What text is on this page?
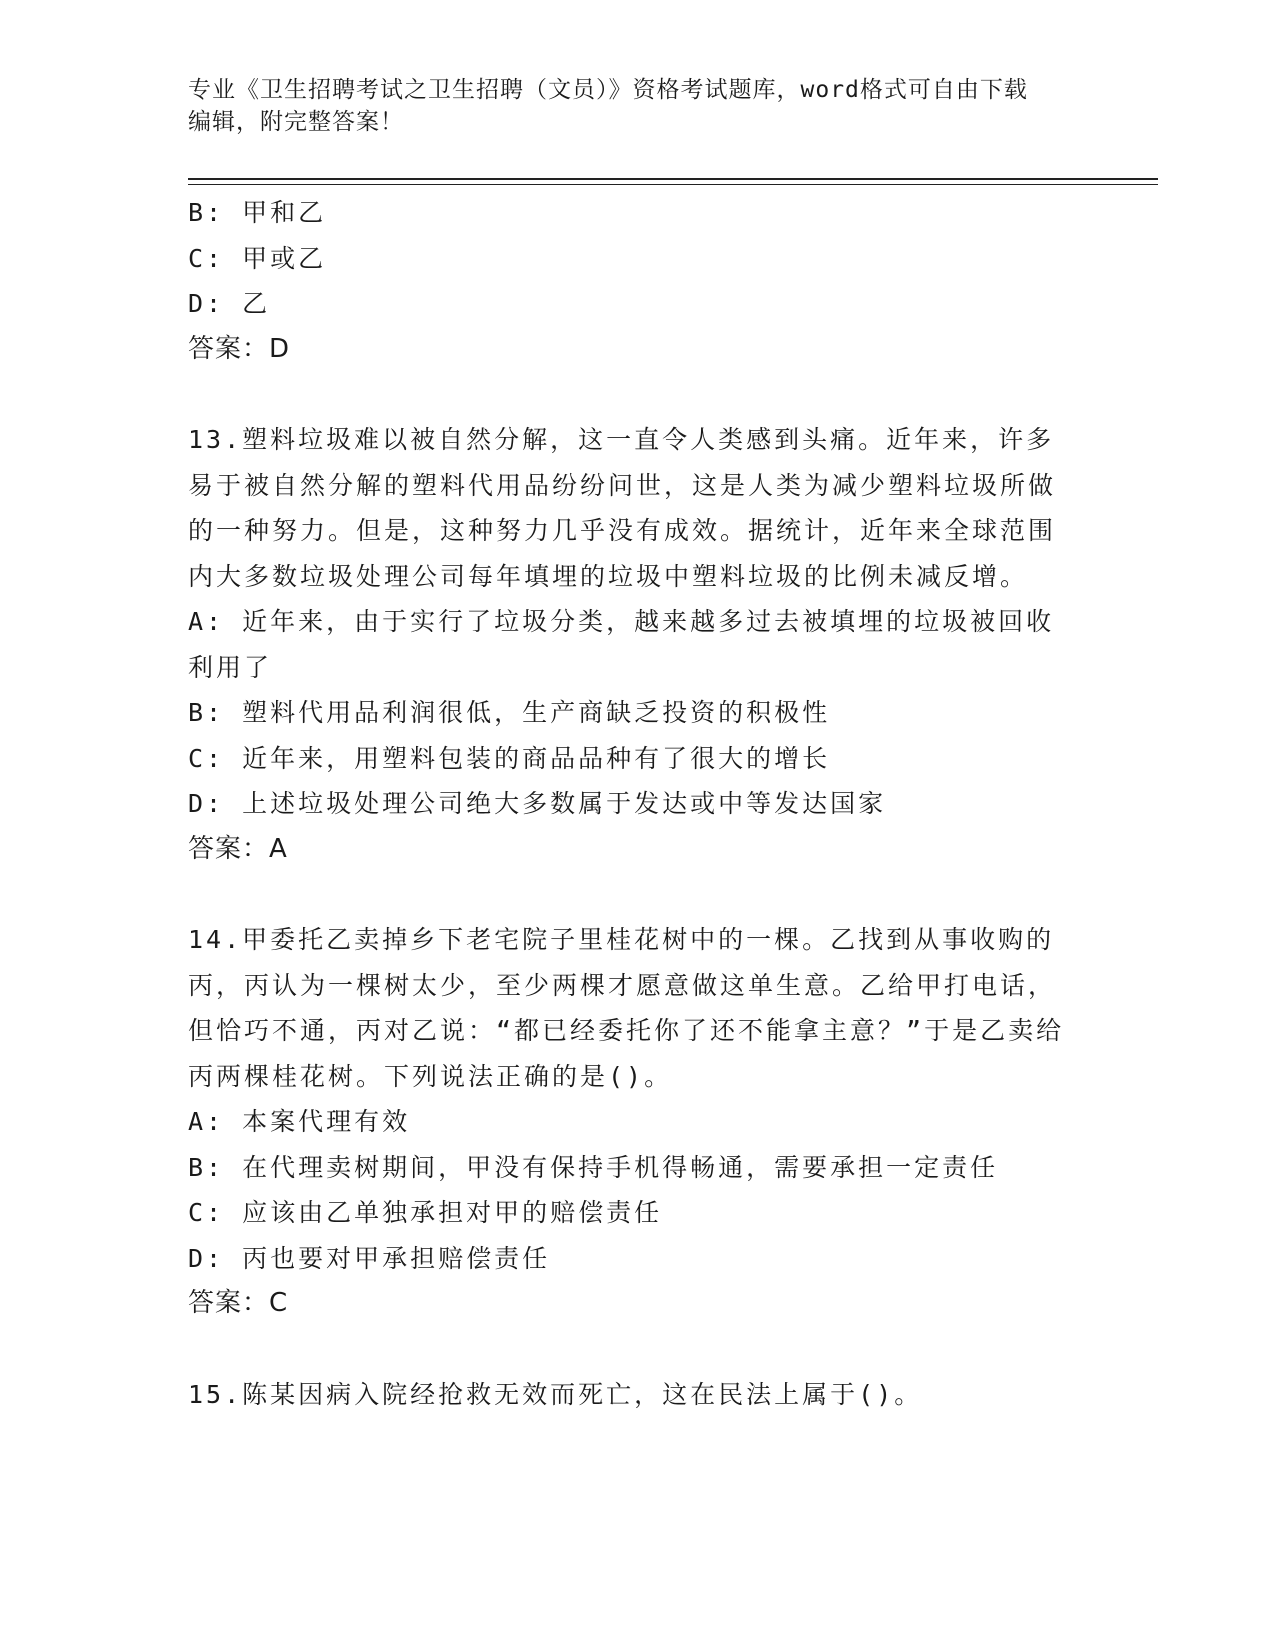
专业《卫生招聘考试之卫生招聘（文员）》资格考试题库，word格式可自由下载
编辑，附完整答案！

B: 甲和乙

C: 甲或乙

D: 乙

答案：D

13.塑料垃圾难以被自然分解，这一直令人类感到头痛。近年来，许多易于被自然分解的塑料代用品纷纷问世，这是人类为减少塑料垃圾所做的一种努力。但是，这种努力几乎没有成效。据统计，近年来全球范围内大多数垃圾处理公司每年填埋的垃圾中塑料垃圾的比例未减反增。

A: 近年来，由于实行了垃圾分类，越来越多过去被填埋的垃圾被回收利用了

B: 塑料代用品利润很低，生产商缺乏投资的积极性

C: 近年来，用塑料包装的商品品种有了很大的增长

D: 上述垃圾处理公司绝大多数属于发达或中等发达国家

答案：A

14.甲委托乙卖掉乡下老宅院子里桂花树中的一棵。乙找到从事收购的丙，丙认为一棵树太少，至少两棵才愿意做这单生意。乙给甲打电话，但恰巧不通，丙对乙说：“都已经委托你了还不能拿主意？”于是乙卖给丙两棵桂花树。下列说法正确的是()。

A: 本案代理有效

B: 在代理卖树期间，甲没有保持手机得畅通，需要承担一定责任

C: 应该由乙单独承担对甲的赔偿责任

D: 丙也要对甲承担赔偿责任

答案：C

15.陈某因病入院经抢救无效而死亡，这在民法上属于()。
